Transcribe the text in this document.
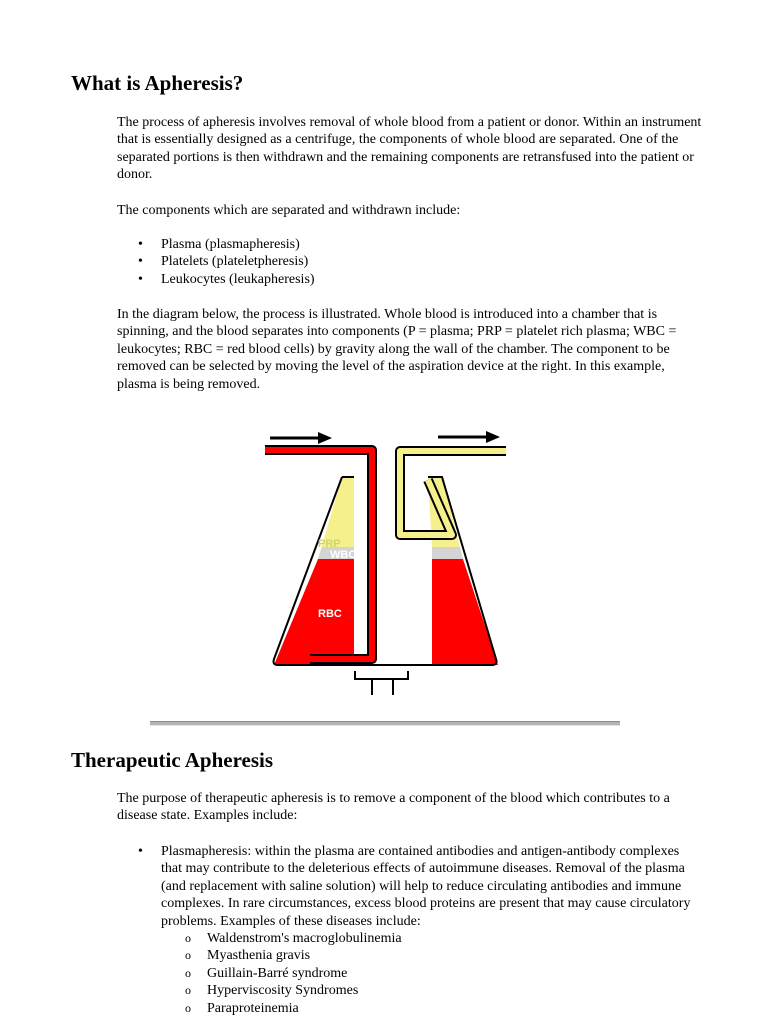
What is Apheresis?

The process of apheresis involves removal of whole blood from a patient or donor. Within an instrument that is essentially designed as a centrifuge, the components of whole blood are separated. One of the separated portions is then withdrawn and the remaining components are retransfused into the patient or donor.

The components which are separated and withdrawn include:

• Plasma (plasmapheresis)
• Platelets (plateletpheresis)
• Leukocytes (leukapheresis)

In the diagram below, the process is illustrated. Whole blood is introduced into a chamber that is spinning, and the blood separates into components (P = plasma; PRP = platelet rich plasma; WBC = leukocytes; RBC = red blood cells) by gravity along the wall of the chamber. The component to be removed can be selected by moving the level of the aspiration device at the right. In this example, plasma is being removed.

P
PRP
WBC
RBC
Therapeutic Apheresis

The purpose of therapeutic apheresis is to remove a component of the blood which contributes to a disease state. Examples include:

• Plasmapheresis: within the plasma are contained antibodies and antigen-antibody complexes that may contribute to the deleterious effects of autoimmune diseases. Removal of the plasma (and replacement with saline solution) will help to reduce circulating antibodies and immune complexes. In rare circumstances, excess blood proteins are present that may cause circulatory problems. Examples of these diseases include:
o Waldenstrom's macroglobulinemia
o Myasthenia gravis
o Guillain-Barré syndrome
o Hyperviscosity Syndromes
o Paraproteinemia
